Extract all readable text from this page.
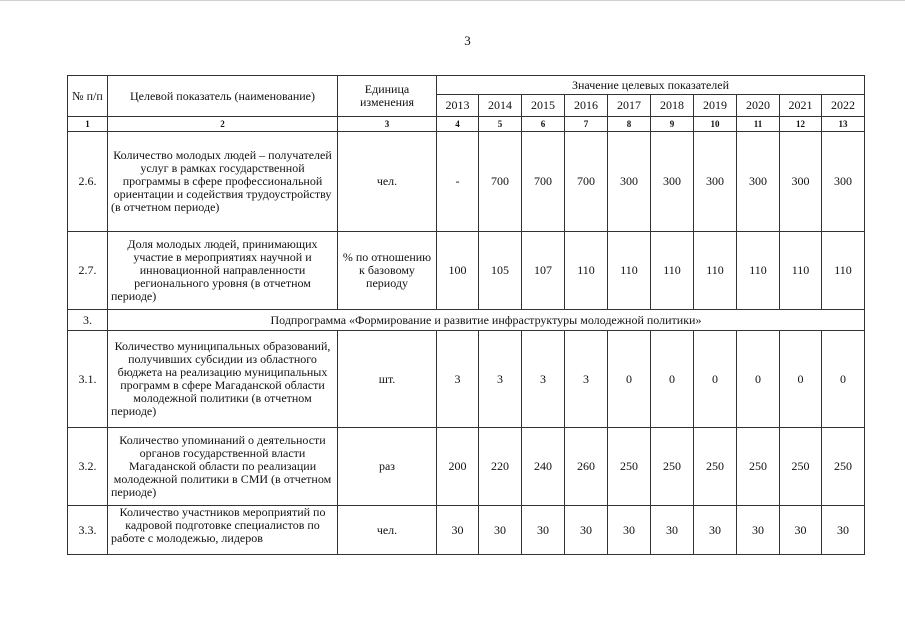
3
№ п/п	Целевой показатель (наименование)	Единица изменения	Значение целевых показателей									
			2013	2014	2015	2016	2017	2018	2019	2020	2021	2022
1	2	3	4	5	6	7	8	9	10	11	12	13
2.6.	Количество молодых людей – получателей услуг в рамках государственной программы в сфере профессиональной ориентации и содействия трудоустройству (в отчетном периоде)	чел.	-	700	700	700	300	300	300	300	300	300
2.7.	Доля молодых людей, принимающих участие в мероприятиях научной и инновационной направленности регионального уровня (в отчетном периоде)	% по отношению к базовому периоду	100	105	107	110	110	110	110	110	110	110
3.	Подпрограмма «Формирование и развитие инфраструктуры молодежной политики»											
3.1.	Количество муниципальных образований, получивших субсидии из областного бюджета на реализацию муниципальных программ в сфере Магаданской области молодежной политики (в отчетном периоде)	шт.	3	3	3	3	0	0	0	0	0	0
3.2.	Количество упоминаний о деятельности органов государственной власти Магаданской области по реализации молодежной политики в СМИ (в отчетном периоде)	раз	200	220	240	260	250	250	250	250	250	250
3.3.	Количество участников мероприятий по кадровой подготовке специалистов по работе с молодежью, лидеров	чел.	30	30	30	30	30	30	30	30	30	30
